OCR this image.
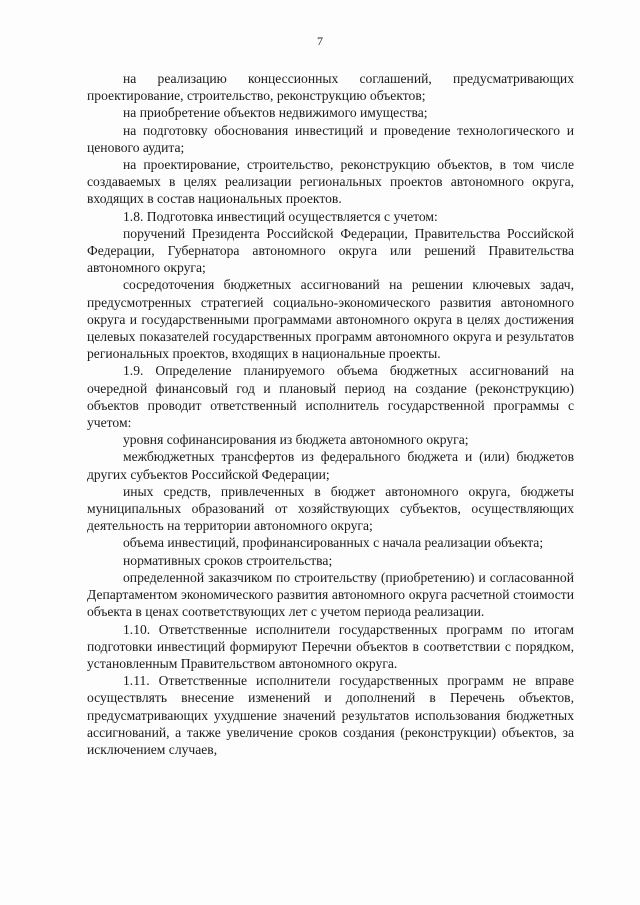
7

на реализацию концессионных соглашений, предусматривающих проектирование, строительство, реконструкцию объектов;

на приобретение объектов недвижимого имущества;

на подготовку обоснования инвестиций и проведение технологического и ценового аудита;

на проектирование, строительство, реконструкцию объектов, в том числе создаваемых в целях реализации региональных проектов автономного округа, входящих в состав национальных проектов.

1.8. Подготовка инвестиций осуществляется с учетом:

поручений Президента Российской Федерации, Правительства Российской Федерации, Губернатора автономного округа или решений Правительства автономного округа;

сосредоточения бюджетных ассигнований на решении ключевых задач, предусмотренных стратегией социально-экономического развития автономного округа и государственными программами автономного округа в целях достижения целевых показателей государственных программ автономного округа и результатов региональных проектов, входящих в национальные проекты.

1.9. Определение планируемого объема бюджетных ассигнований на очередной финансовый год и плановый период на создание (реконструкцию) объектов проводит ответственный исполнитель государственной программы с учетом:

уровня софинансирования из бюджета автономного округа;

межбюджетных трансфертов из федерального бюджета и (или) бюджетов других субъектов Российской Федерации;

иных средств, привлеченных в бюджет автономного округа, бюджеты муниципальных образований от хозяйствующих субъектов, осуществляющих деятельность на территории автономного округа;

объема инвестиций, профинансированных с начала реализации объекта;

нормативных сроков строительства;

определенной заказчиком по строительству (приобретению) и согласованной Департаментом экономического развития автономного округа расчетной стоимости объекта в ценах соответствующих лет с учетом периода реализации.

1.10. Ответственные исполнители государственных программ по итогам подготовки инвестиций формируют Перечни объектов в соответствии с порядком, установленным Правительством автономного округа.

1.11. Ответственные исполнители государственных программ не вправе осуществлять внесение изменений и дополнений в Перечень объектов, предусматривающих ухудшение значений результатов использования бюджетных ассигнований, а также увеличение сроков создания (реконструкции) объектов, за исключением случаев,
